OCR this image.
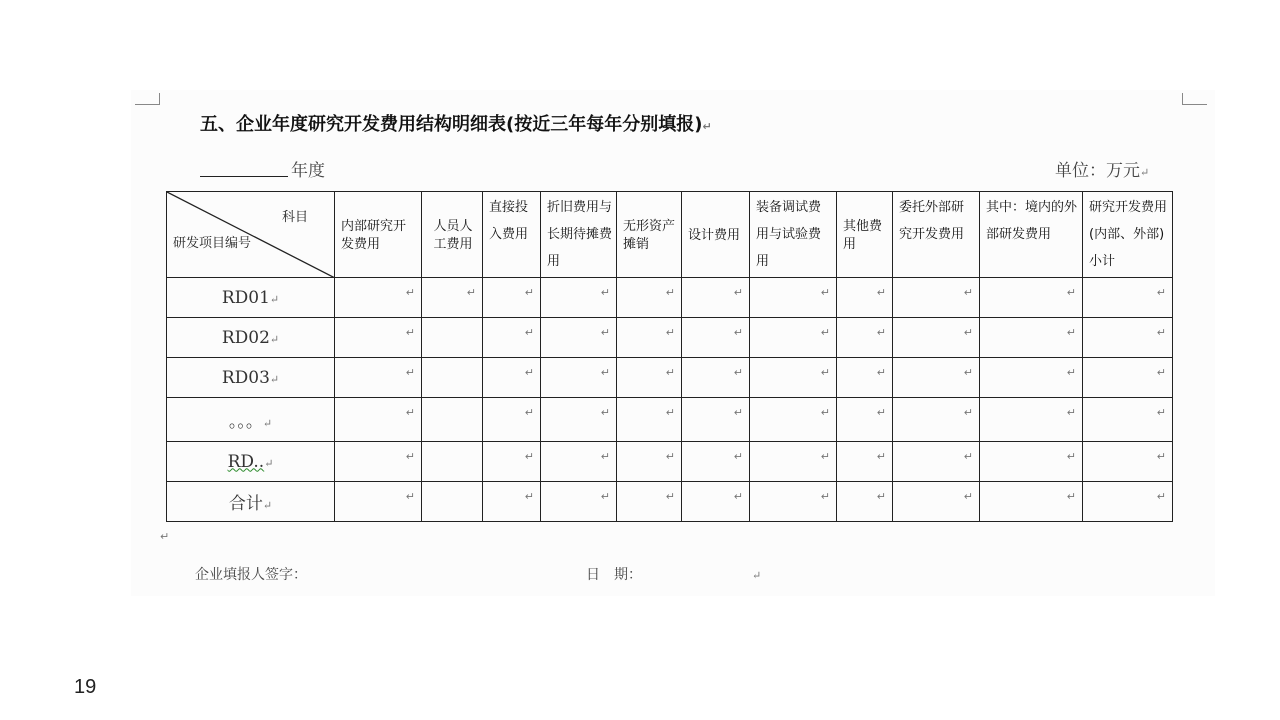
五、企业年度研究开发费用结构明细表(按近三年每年分别填报)↵
年度	单位：万元↵
科目
研发项目编号	内部研究开发费用	人员人工费用	直接投入费用	折旧费用与长期待摊费用	无形资产摊销	设计费用	装备调试费用与试验费用	其他费用	委托外部研究开发费用	其中：境内的外部研发费用	研究开发费用(内部、外部)小计
RD01↵	↵	↵	↵	↵	↵	↵	↵	↵	↵	↵	↵

RD02↵	↵		↵	↵	↵	↵	↵	↵	↵	↵	↵

RD03↵	↵		↵	↵	↵	↵	↵	↵	↵	↵	↵

。。。↵	↵		↵	↵	↵	↵	↵	↵	↵	↵	↵

RD..↵	↵		↵	↵	↵	↵	↵	↵	↵	↵	↵

合计↵	↵		↵	↵	↵	↵	↵	↵	↵	↵	↵
企业填报人签字：	日　期：	↵
↵
19
